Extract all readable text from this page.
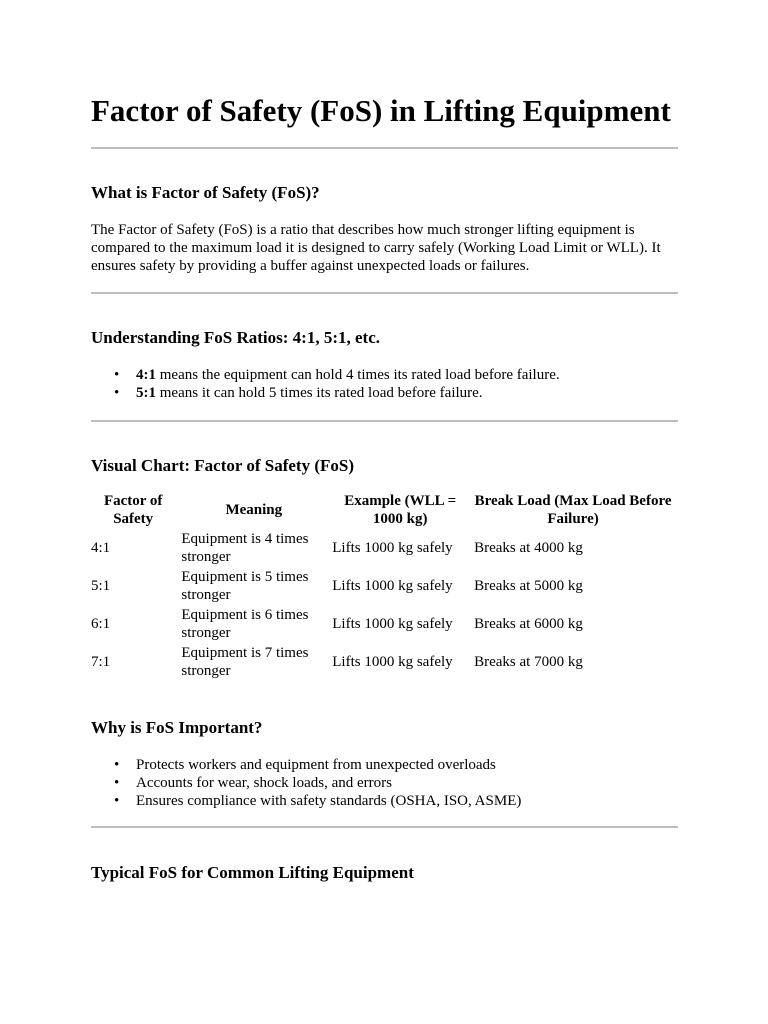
Factor of Safety (FoS) in Lifting Equipment
What is Factor of Safety (FoS)?

The Factor of Safety (FoS) is a ratio that describes how much stronger lifting equipment is compared to the maximum load it is designed to carry safely (Working Load Limit or WLL). It ensures safety by providing a buffer against unexpected loads or failures.

Understanding FoS Ratios: 4:1, 5:1, etc.
• 4:1 means the equipment can hold 4 times its rated load before failure.
• 5:1 means it can hold 5 times its rated load before failure.
Visual Chart: Factor of Safety (FoS)
Factor of Safety	Meaning	Example (WLL = 1000 kg)	Break Load (Max Load Before Failure)
4:1	Equipment is 4 times stronger	Lifts 1000 kg safely	Breaks at 4000 kg
5:1	Equipment is 5 times stronger	Lifts 1000 kg safely	Breaks at 5000 kg
6:1	Equipment is 6 times stronger	Lifts 1000 kg safely	Breaks at 6000 kg
7:1	Equipment is 7 times stronger	Lifts 1000 kg safely	Breaks at 7000 kg
Why is FoS Important?
• Protects workers and equipment from unexpected overloads
• Accounts for wear, shock loads, and errors
• Ensures compliance with safety standards (OSHA, ISO, ASME)
Typical FoS for Common Lifting Equipment
